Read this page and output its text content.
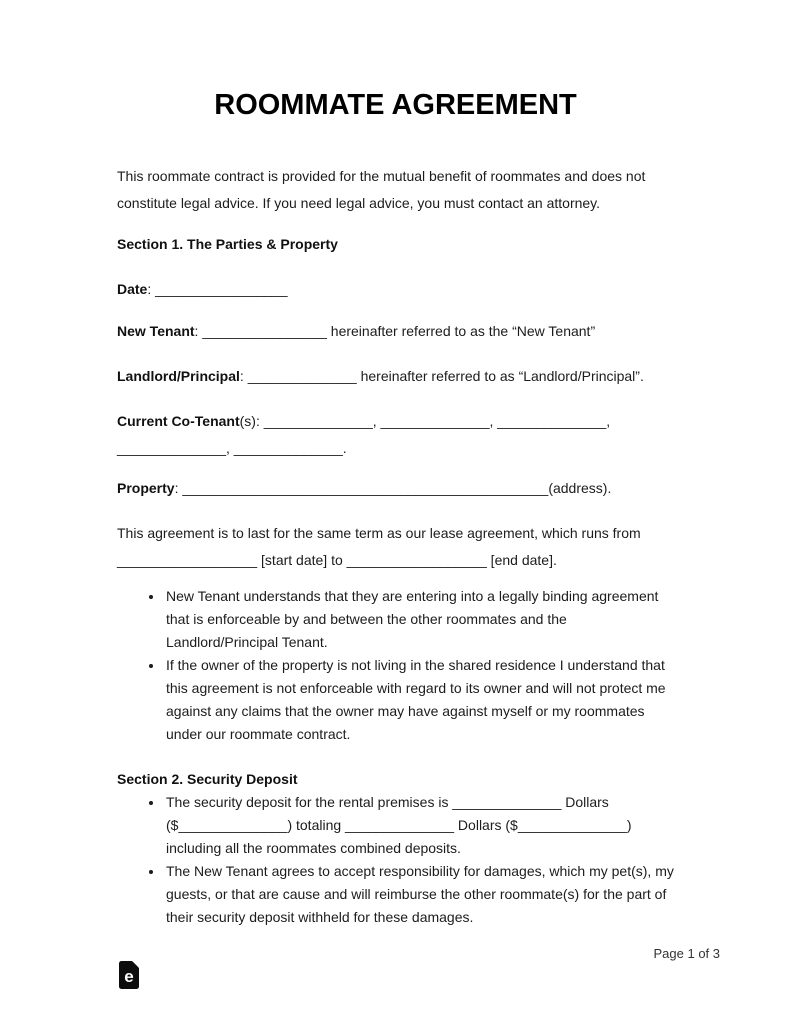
ROOMMATE AGREEMENT

This roommate contract is provided for the mutual benefit of roommates and does not constitute legal advice. If you need legal advice, you must contact an attorney.

Section 1. The Parties & Property

Date: _________________

New Tenant: ________________ hereinafter referred to as the “New Tenant”

Landlord/Principal: ______________ hereinafter referred to as “Landlord/Principal”.

Current Co-Tenant(s): ______________, ______________, ______________, ______________, ______________.

Property: _______________________________________________(address).

This agreement is to last for the same term as our lease agreement, which runs from __________________ [start date] to __________________ [end date].

• New Tenant understands that they are entering into a legally binding agreement that is enforceable by and between the other roommates and the Landlord/Principal Tenant.
• If the owner of the property is not living in the shared residence I understand that this agreement is not enforceable with regard to its owner and will not protect me against any claims that the owner may have against myself or my roommates under our roommate contract.
Section 2. Security Deposit
• The security deposit for the rental premises is ______________ Dollars ($______________) totaling ______________ Dollars ($______________) including all the roommates combined deposits.
• The New Tenant agrees to accept responsibility for damages, which my pet(s), my guests, or that are cause and will reimburse the other roommate(s) for the part of their security deposit withheld for these damages.
Page 1 of 3
e
